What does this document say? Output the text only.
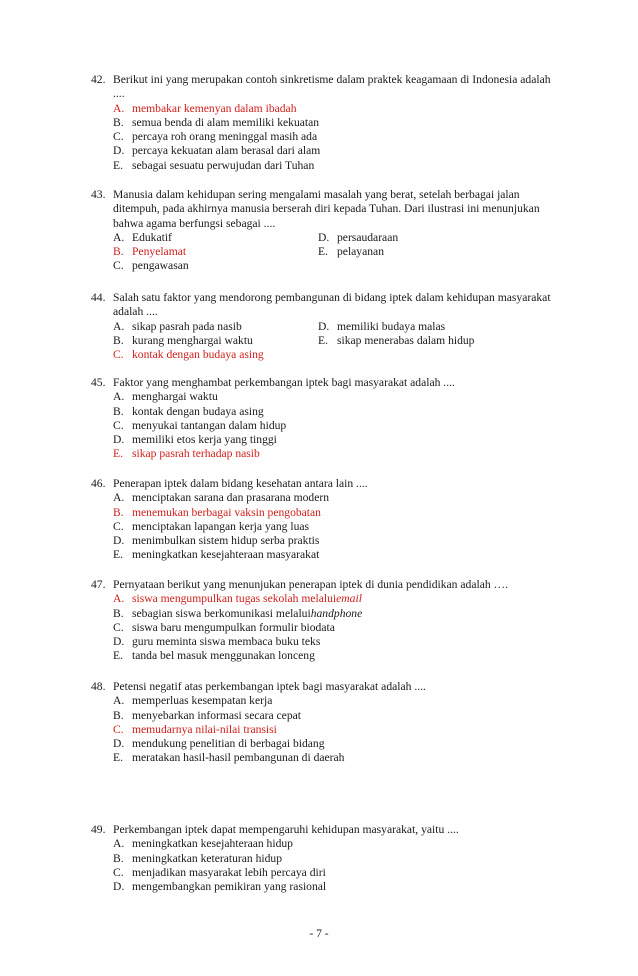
42. Berikut ini yang merupakan contoh sinkretisme dalam praktek keagamaan di Indonesia adalah ....
A. membakar kemenyan dalam ibadah
B. semua benda di alam memiliki kekuatan
C. percaya roh orang meninggal masih ada
D. percaya kekuatan alam berasal dari alam
E. sebagai sesuatu perwujudan dari Tuhan
43. Manusia dalam kehidupan sering mengalami masalah yang berat, setelah berbagai jalan ditempuh, pada akhirnya manusia berserah diri kepada Tuhan. Dari ilustrasi ini menunjukan bahwa agama berfungsi sebagai ....
A. Edukatif	D. persaudaraan
B. Penyelamat	E. pelayanan
C. pengawasan
44. Salah satu faktor yang mendorong pembangunan di bidang iptek dalam kehidupan masyarakat adalah ....
A. sikap pasrah pada nasib	D. memiliki budaya malas
B. kurang menghargai waktu	E. sikap menerabas dalam hidup
C. kontak dengan budaya asing
45. Faktor yang menghambat perkembangan iptek bagi masyarakat adalah ....
A. menghargai waktu
B. kontak dengan budaya asing
C. menyukai tantangan dalam hidup
D. memiliki etos kerja yang tinggi
E. sikap pasrah terhadap nasib
46. Penerapan iptek dalam bidang kesehatan antara lain ....
A. menciptakan sarana dan prasarana modern
B. menemukan berbagai vaksin pengobatan
C. menciptakan lapangan kerja yang luas
D. menimbulkan sistem hidup serba praktis
E. meningkatkan kesejahteraan masyarakat
47. Pernyataan berikut yang menunjukan penerapan iptek di dunia pendidikan adalah ….
A. siswa mengumpulkan tugas sekolah melalui email
B. sebagian siswa berkomunikasi melalui handphone
C. siswa baru mengumpulkan formulir biodata
D. guru meminta siswa membaca buku teks
E. tanda bel masuk menggunakan lonceng
48. Petensi negatif atas perkembangan iptek bagi masyarakat adalah ....
A. memperluas kesempatan kerja
B. menyebarkan informasi secara cepat
C. memudarnya nilai-nilai transisi
D. mendukung penelitian di berbagai bidang
E. meratakan hasil-hasil pembangunan di daerah
49. Perkembangan iptek dapat mempengaruhi kehidupan masyarakat, yaitu ....
A. meningkatkan kesejahteraan hidup
B. meningkatkan keteraturan hidup
C. menjadikan masyarakat lebih percaya diri
D. mengembangkan pemikiran yang rasional
- 7 -
